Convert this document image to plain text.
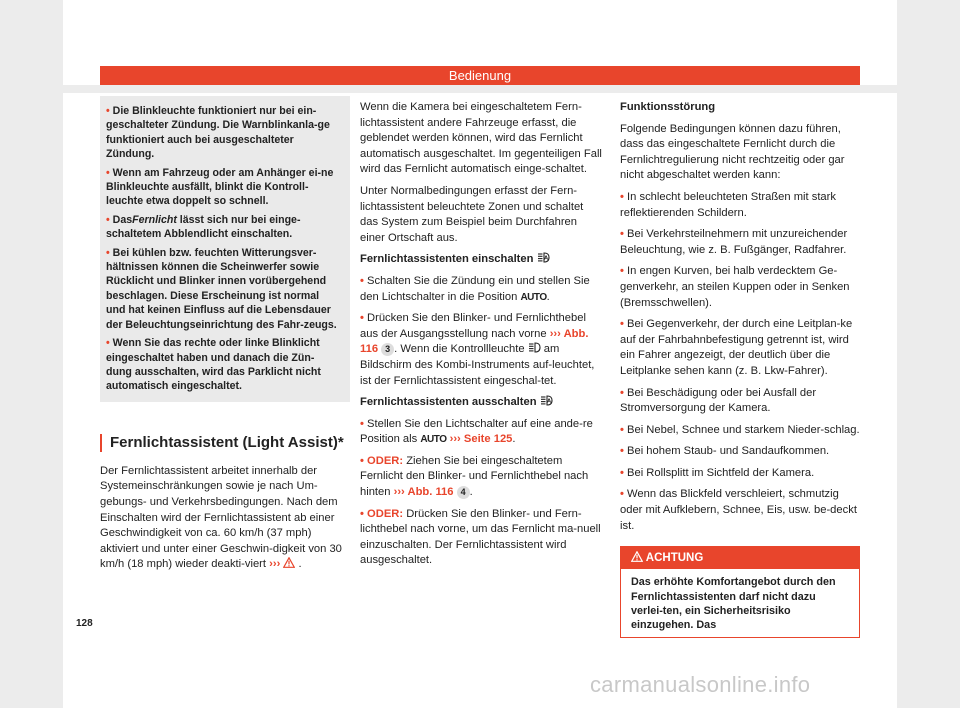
Bedienung

• Die Blinkleuchte funktioniert nur bei ein-geschalteter Zündung. Die Warnblinkanla-ge funktioniert auch bei ausgeschalteter Zündung.

• Wenn am Fahrzeug oder am Anhänger ei-ne Blinkleuchte ausfällt, blinkt die Kontroll-leuchte etwa doppelt so schnell.

• DasFernlicht lässt sich nur bei einge-schaltetem Abblendlicht einschalten.

• Bei kühlen bzw. feuchten Witterungsver-hältnissen können die Scheinwerfer sowie Rücklicht und Blinker innen vorübergehend beschlagen. Diese Erscheinung ist normal und hat keinen Einfluss auf die Lebensdauer der Beleuchtungseinrichtung des Fahr-zeugs.

• Wenn Sie das rechte oder linke Blinklicht eingeschaltet haben und danach die Zün-dung ausschalten, wird das Parklicht nicht automatisch eingeschaltet.

Fernlichtassistent (Light Assist)*

Der Fernlichtassistent arbeitet innerhalb der Systemeinschränkungen sowie je nach Um-gebungs- und Verkehrsbedingungen. Nach dem Einschalten wird der Fernlichtassistent ab einer Geschwindigkeit von ca. 60 km/h (37 mph) aktiviert und unter einer Geschwin-digkeit von 30 km/h (18 mph) wieder deakti-viert ››› .

Wenn die Kamera bei eingeschaltetem Fern-lichtassistent andere Fahrzeuge erfasst, die geblendet werden können, wird das Fernlicht automatisch ausgeschaltet. Im gegenteiligen Fall wird das Fernlicht automatisch einge-schaltet.

Unter Normalbedingungen erfasst der Fern-lichtassistent beleuchtete Zonen und schaltet das System zum Beispiel beim Durchfahren einer Ortschaft aus.

Fernlichtassistenten einschalten A

• Schalten Sie die Zündung ein und stellen Sie den Lichtschalter in die Position AUTO.

• Drücken Sie den Blinker- und Fernlichthebel aus der Ausgangsstellung nach vorne ››› Abb. 116 3 . Wenn die Kontrollleuchte am Bildschirm des Kombi-Instruments auf-leuchtet, ist der Fernlichtassistent eingeschal-tet.

Fernlichtassistenten ausschalten A

• Stellen Sie den Lichtschalter auf eine ande-re Position als AUTO ››› Seite 125.

• ODER: Ziehen Sie bei eingeschaltetem Fernlicht den Blinker- und Fernlichthebel nach hinten ››› Abb. 116 4 .

• ODER: Drücken Sie den Blinker- und Fern-lichthebel nach vorne, um das Fernlicht ma-nuell einzuschalten. Der Fernlichtassistent wird ausgeschaltet.

Funktionsstörung

Folgende Bedingungen können dazu führen, dass das eingeschaltete Fernlicht durch die Fernlichtregulierung nicht rechtzeitig oder gar nicht abgeschaltet werden kann:

• In schlecht beleuchteten Straßen mit stark reflektierenden Schildern.

• Bei Verkehrsteilnehmern mit unzureichender Beleuchtung, wie z. B. Fußgänger, Radfahrer.

• In engen Kurven, bei halb verdecktem Ge-genverkehr, an steilen Kuppen oder in Senken (Bremsschwellen).

• Bei Gegenverkehr, der durch eine Leitplan-ke auf der Fahrbahnbefestigung getrennt ist, wird ein Fahrer angezeigt, der deutlich über die Leitplanke sehen kann (z. B. Lkw-Fahrer).

• Bei Beschädigung oder bei Ausfall der Stromversorgung der Kamera.

• Bei Nebel, Schnee und starkem Nieder-schlag.

• Bei hohem Staub- und Sandaufkommen.

• Bei Rollsplitt im Sichtfeld der Kamera.

• Wenn das Blickfeld verschleiert, schmutzig oder mit Aufklebern, Schnee, Eis, usw. be-deckt ist.

ACHTUNG
Das erhöhte Komfortangebot durch den Fernlichtassistenten darf nicht dazu verlei-ten, ein Sicherheitsrisiko einzugehen. Das
128
carmanualsonline.info
